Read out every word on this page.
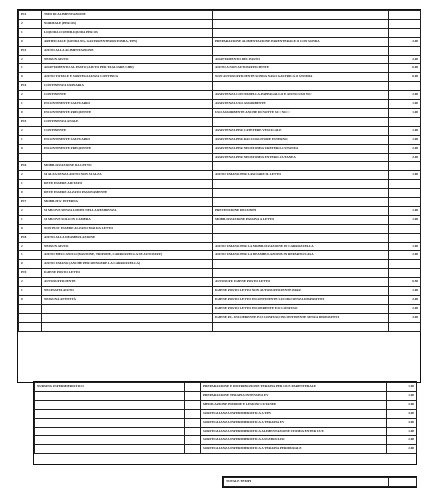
P12	TIPO DI ALIMENTAZIONE		
2	NORMALE (PER OS)		
1	LIQUIDA O SEMILIQUIDA PER OS		
0	ARTIFICIALE (SONDA NG, GASTROENTEROSTOMIA, TPN)	PREPARAZIONE ALIMENTAZIONE PARENTERALE O CON SONDA	2.00
P13	AIUTO ALLA ALIMENTAZIONE		
2	NESSUN AIUTO	ADATTAMENTO DEL PASTO	2.00
1	ADATTAMENTO AL PASTO (AIUTO PER TAGLIARE CIBI)	AIUTO A NON AUTOSUFFICIENTE	6.00
0	AIUTO TOTALE E SORVEGLIANZA CONTINUA	NON AUTOSUFFICIENTE SONDA NASO GASTRICA O STOMIA	6.00
P14	CONTINENZA URINARIA		
2	CONTINENTE	ASSISTENZA CON PADELLA-PAPPAGALLO E AIUTO USO WC	2.00
1	INCONTINENTE SALTUARIO	ASSISTENZA USO ASSORBENTE	1.00
0	INCONTINENTE FREQUENTE	USO ASSORBENTE ANCHE DI NOTTE SI □ NO □	1.00
P15	CONTINENZA ANALE		
2	CONTINENTE	ASSISTENZA PER CATETERE VESCICALE	1.00
1	INCONTINENTE SALTUARIO	ASSISTENZA PER RACCOGLITORE ESTERNO	1.00
0	INCONTINENTE FREQUENTE	ASSISTENZA PER NEOSTOMIA URETERO-CUTANEA	2.00
		ASSISTENZA PER NEOSTOMIA ENTERO-CUTANEA	2.00
P16	MOBILIZZAZIONE DA LETTO		
2	SI ALZA SENZA AIUTO NON SI ALZA	AIUTO UMANO PER LASCIARE IL LETTO	1.00
1	DEVE ESSERE AIUTATO		
0	DEVE ESSERE ALZATO PASSIVAMENTE		
P17	MOBILITA' INTERNA		
2	SI MUOVE SENZA LIMITI NELLA RESIDENZA	PREVENZIONE DECUBITI	1.00
1	SI MUOVE SOLO IN CAMERA	MOBILIZZAZIONE PASSIVA A LETTO	1.00
0	NON PUO' ESSERE ALZATO MAI DA LETTO		
P18	AIUTO ALLA DEAMBULAZIONE		
2	NESSUN AIUTO	AIUTO UMANO PER LA MOBILIZZAZIONE IN CARROZZELLA	1.00
1	AIUTO MECCANICO (BASTONE, TRIPODE, CARROZZELLA SE AUTOSUFF)	AIUTO UMANO PER LA DEAMBULAZIONE IN REPARTO/CASA	2.00
0	AIUTO UMANO (ANCHE PER SPINGERE LA CARROZZELLA)		
P19	IGIENE POSTO LETTO		
2	AUTOSUFFICIENTE	AUTOSUFF. IGIENE POSTO LETTO	0.50
1	NECESSITA AIUTO	IGIENE POSTO LETTO NON AUTOSUFFICIENTE PARZ	1.00
0	NESSUNA ATTIVITÀ	IGIENE POSTO LETTO INCONTINENTE LUCIDO SENZA DISPOSITIVI	2.00
		IGIENE POSTO LETTO INCOERENTE E/O CONFUSO	2.00
		IGIENE P.L. INCOERENTE E/O CONFUSO INCONTINENTE SENZA DISPOSITIVI	3.00

NURSING INFERMIERISTICO		PREPARAZIONE E DISTRIBUZIONE TERAPIA PER OS E PARENTERALE	1.00
		PREPARAZIONE TERAPIA INTENSIVA EV	1.00
		MEDICAZIONE PIEDIDE E LESIONI CUTANEE	2.00
		SORVEGLIANZA INFERMIERISTICA A TPN	3.00
		SORVEGLIANZA INFERMIERISTICA A TERAPIA EV	3.00
		SORVEGLIANZA INFERMIERISTICA ALIMENTAZIONE STOMIA ENTER CUT.	1.00
		SORVEGLIANZA INFERMIERISTICA A FLEBOCLISI	2.00
		SORVEGLIANZA INFERMIERISTICA A TERAPIA PERIDURALE	2.00
TOTALE TEMPI	
